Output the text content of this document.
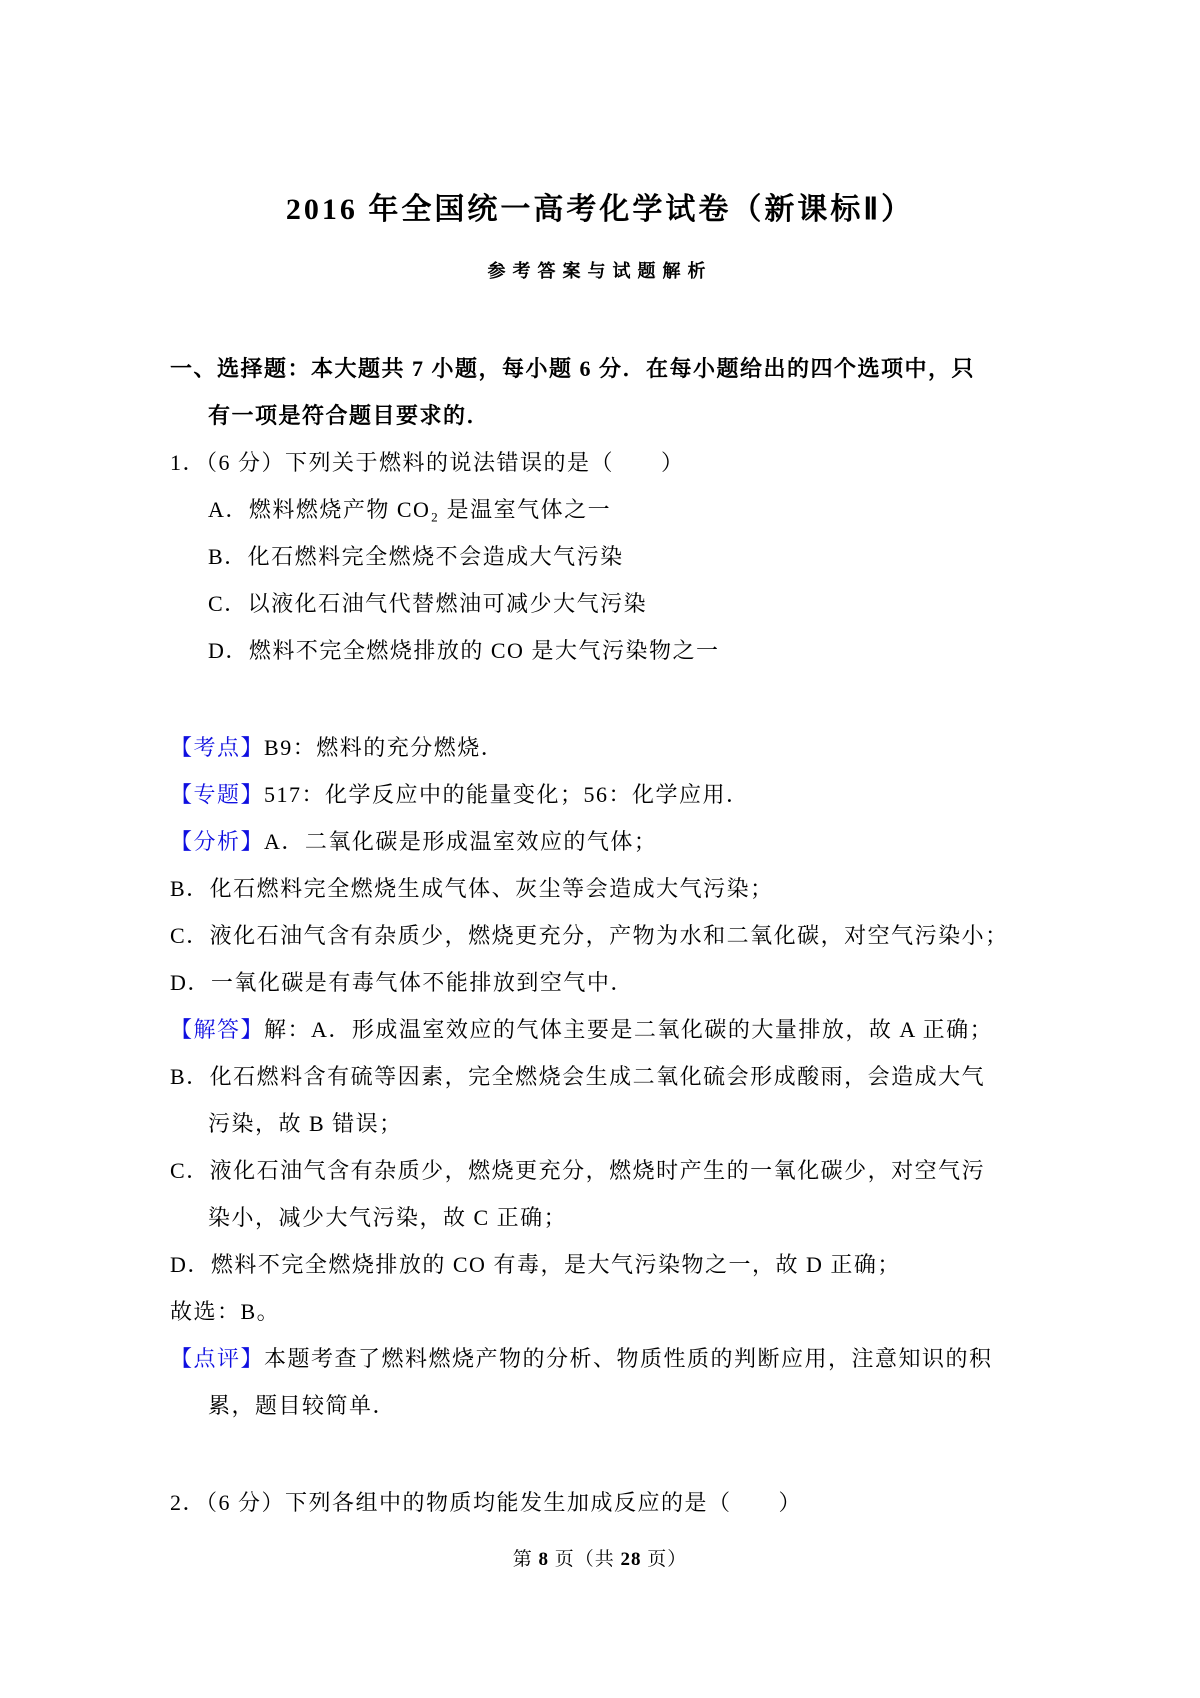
2016 年全国统一高考化学试卷（新课标Ⅱ）
参考答案与试题解析
一、选择题：本大题共 7 小题，每小题 6 分．在每小题给出的四个选项中，只
有一项是符合题目要求的．
1．（6 分）下列关于燃料的说法错误的是（　　）
A．燃料燃烧产物 CO₂ 是温室气体之一
B．化石燃料完全燃烧不会造成大气污染
C．以液化石油气代替燃油可减少大气污染
D．燃料不完全燃烧排放的 CO 是大气污染物之一
【考点】B9：燃料的充分燃烧．
【专题】517：化学反应中的能量变化；56：化学应用．
【分析】A．二氧化碳是形成温室效应的气体；
B．化石燃料完全燃烧生成气体、灰尘等会造成大气污染；
C．液化石油气含有杂质少，燃烧更充分，产物为水和二氧化碳，对空气污染小；
D．一氧化碳是有毒气体不能排放到空气中．
【解答】解：A．形成温室效应的气体主要是二氧化碳的大量排放，故 A 正确；
B．化石燃料含有硫等因素，完全燃烧会生成二氧化硫会形成酸雨，会造成大气
污染，故 B 错误；
C．液化石油气含有杂质少，燃烧更充分，燃烧时产生的一氧化碳少，对空气污
染小，减少大气污染，故 C 正确；
D．燃料不完全燃烧排放的 CO 有毒，是大气污染物之一，故 D 正确；
故选：B。
【点评】本题考查了燃料燃烧产物的分析、物质性质的判断应用，注意知识的积
累，题目较简单．
2．（6 分）下列各组中的物质均能发生加成反应的是（　　）
第 8 页（共 28 页）
